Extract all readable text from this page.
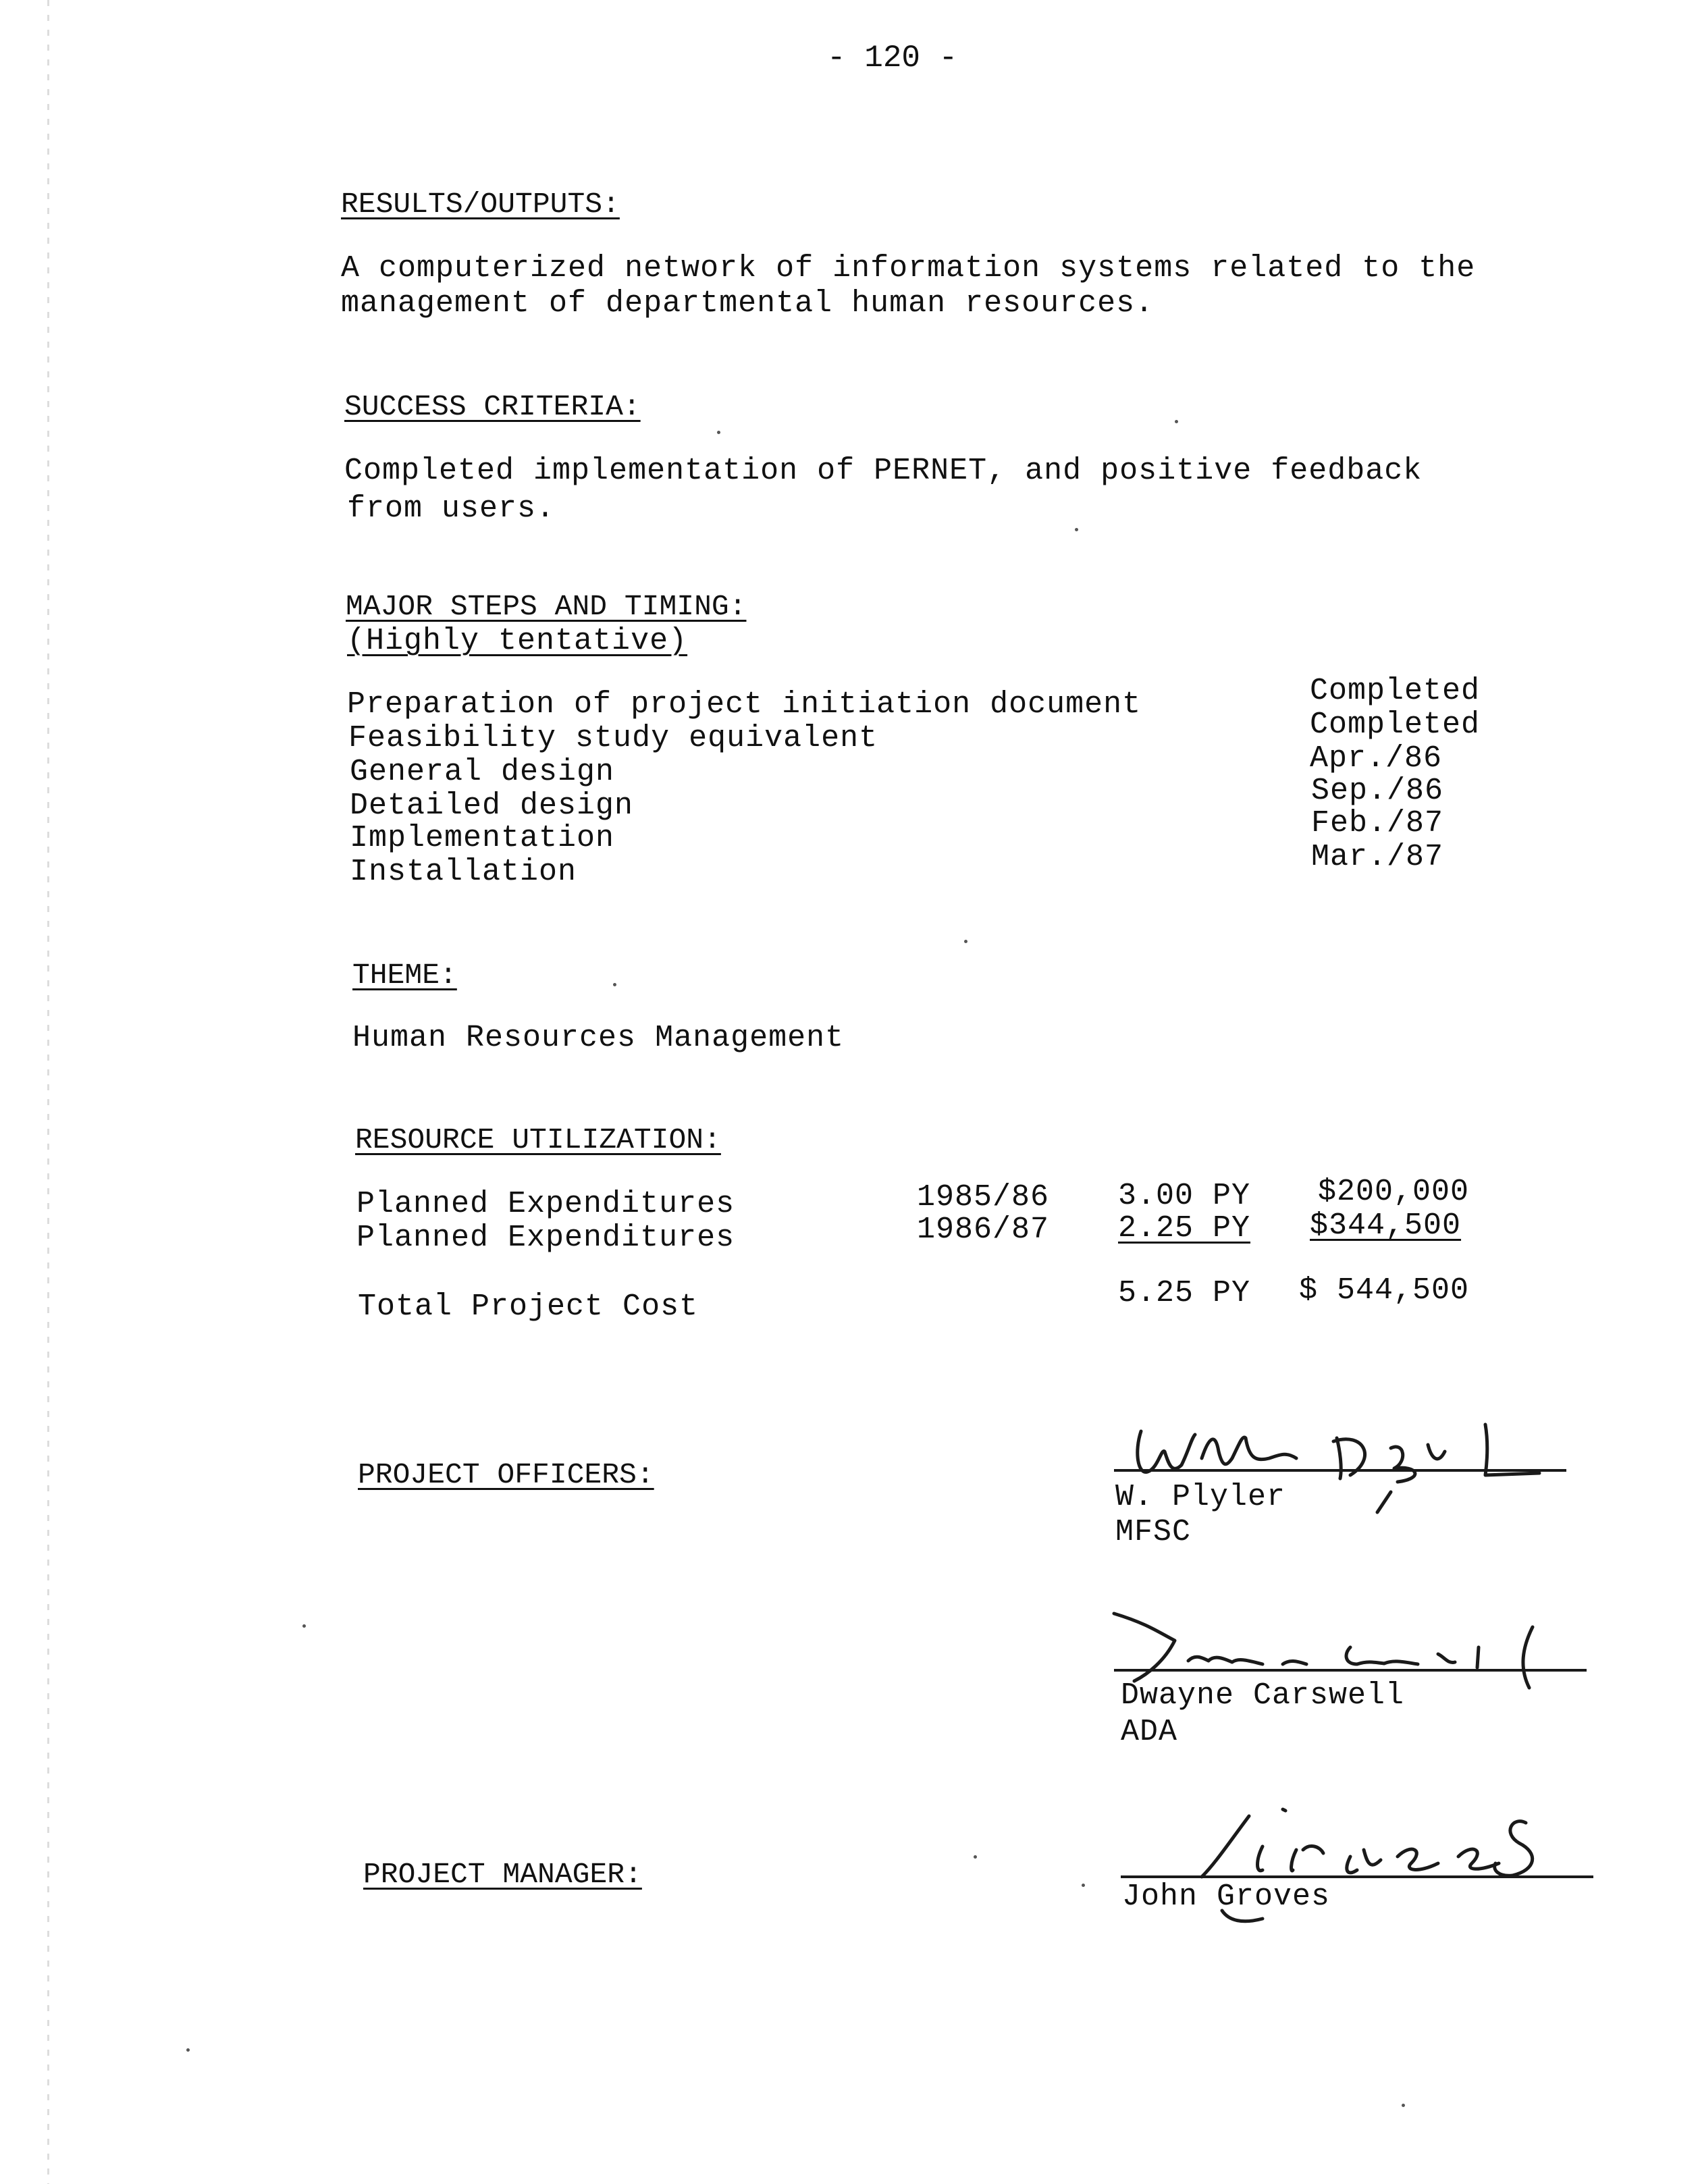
- 120 -
RESULTS/OUTPUTS:
A computerized network of information systems related to the
management of departmental human resources.
SUCCESS CRITERIA:
Completed implementation of PERNET, and positive feedback
from users.
MAJOR STEPS AND TIMING:
(Highly tentative)
Preparation of project initiation document	Completed
Feasibility study equivalent	Completed
General design	Apr./86
Detailed design	Sep./86
Implementation	Feb./87
Installation	Mar./87
THEME:
Human Resources Management
RESOURCE UTILIZATION:
Planned Expenditures	1985/86 3.00 PY $200,000
Planned Expenditures	1986/87 2.25 PY $344,500
Total Project Cost	5.25 PY $ 544,500
PROJECT OFFICERS:
W. Plyler
MFSC
Dwayne Carswell
ADA
PROJECT MANAGER:
John Groves
